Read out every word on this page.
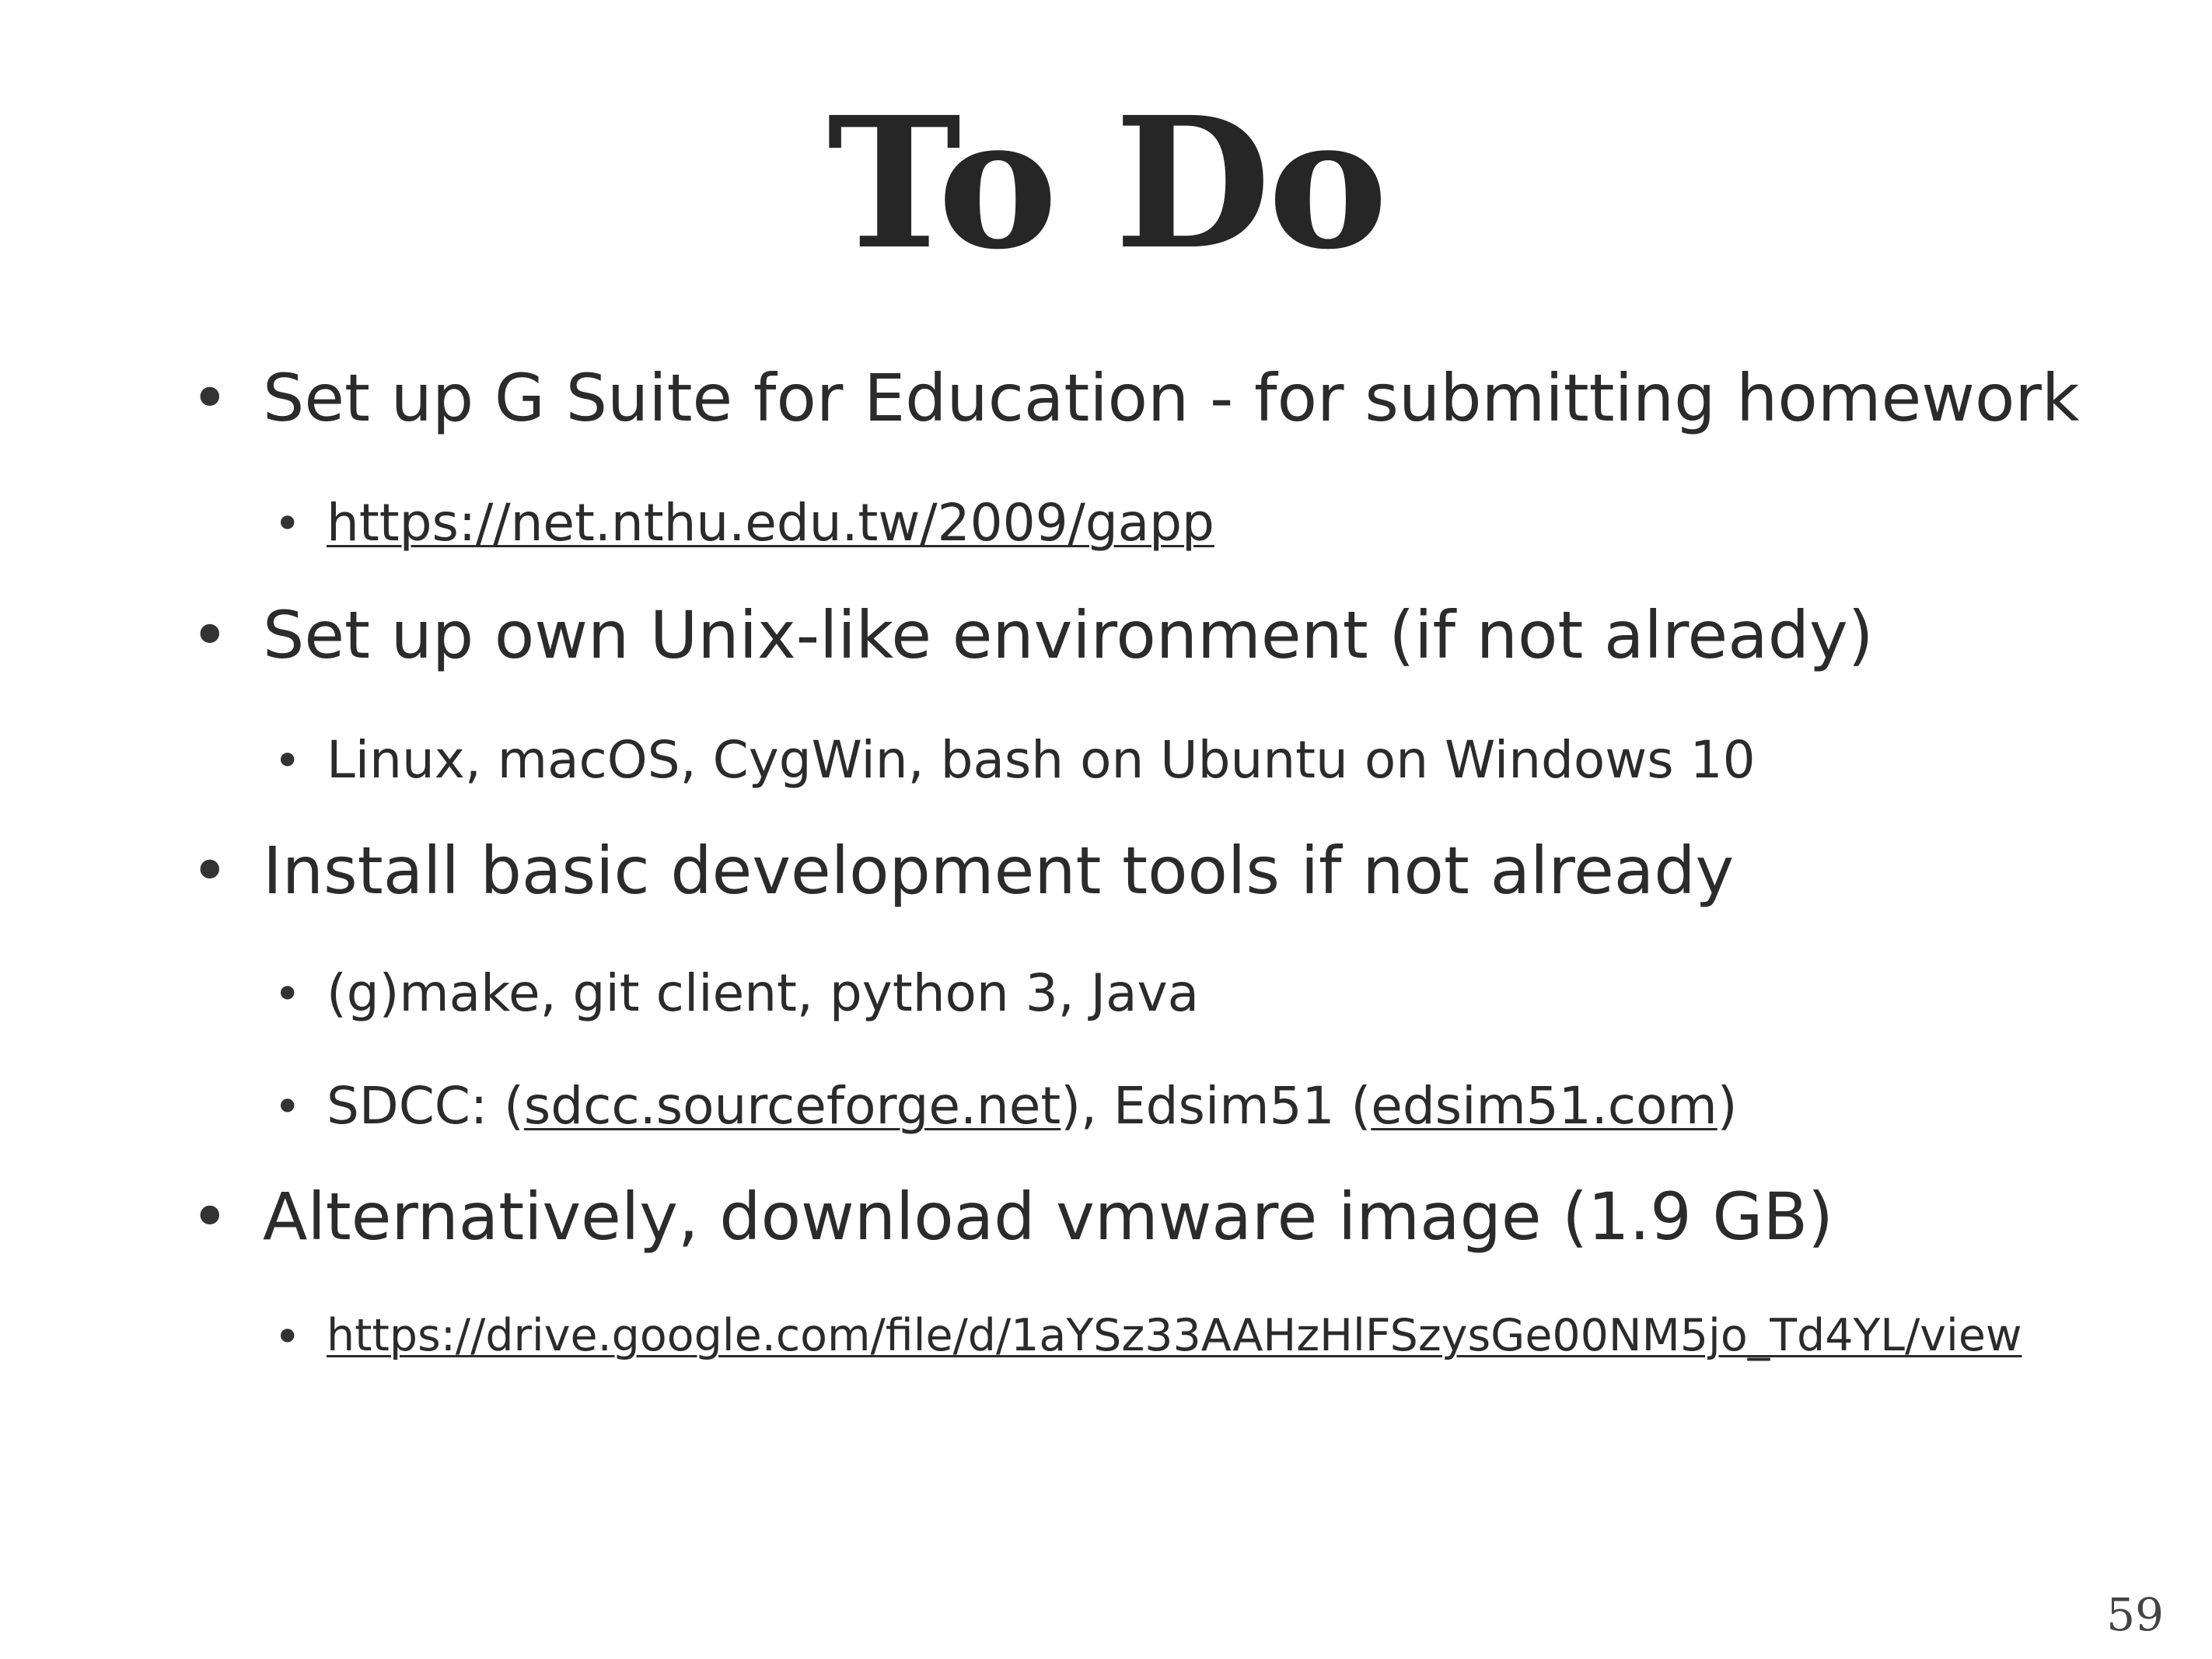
To Do
• Set up G Suite for Education - for submitting homework
• https://net.nthu.edu.tw/2009/gapp
• Set up own Unix-like environment (if not already)
• Linux, macOS, CygWin, bash on Ubuntu on Windows 10
• Install basic development tools if not already
• (g)make, git client, python 3, Java
• SDCC: (sdcc.sourceforge.net), Edsim51 (edsim51.com)
• Alternatively, download vmware image (1.9 GB)
• https://drive.google.com/file/d/1aYSz33AAHzHlFSzysGe00NM5jo_Td4YL/view
59
